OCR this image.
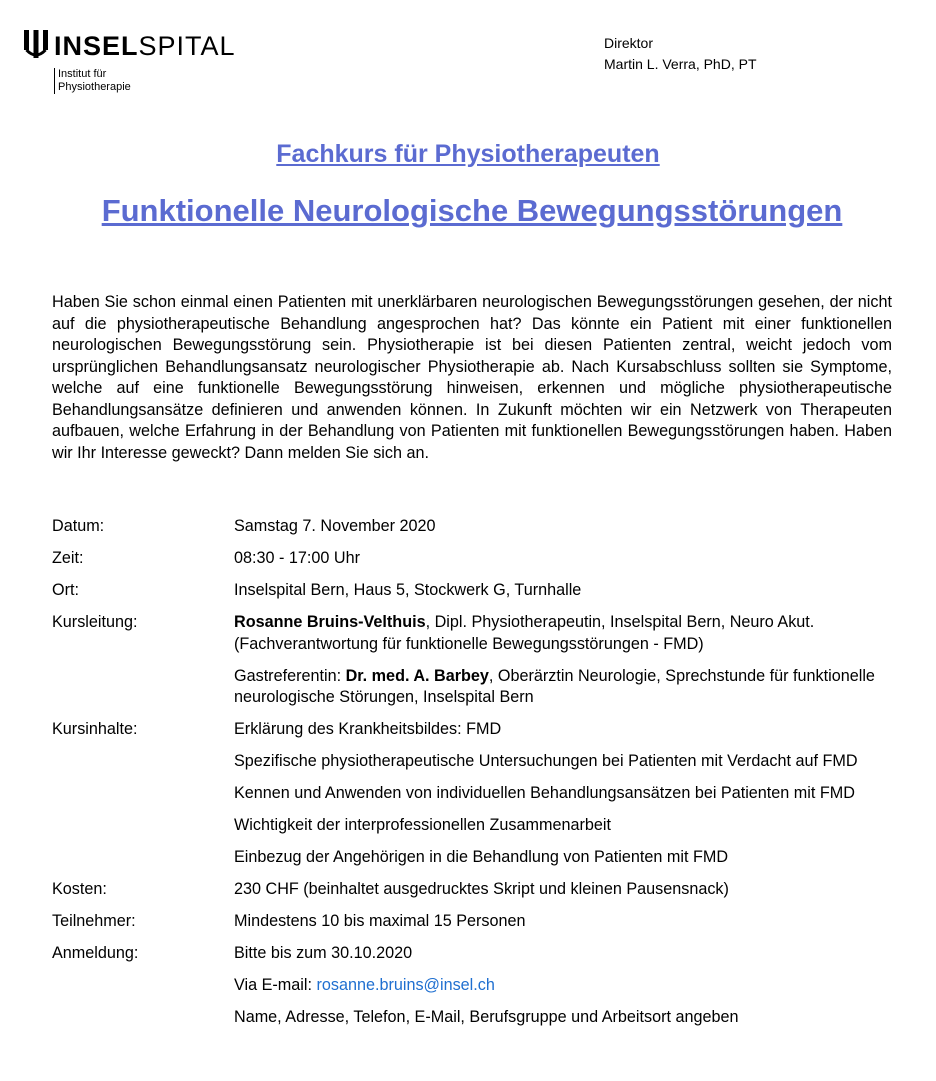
INSELSPITAL
Institut für
Physiotherapie
Direktor
Martin L. Verra, PhD, PT
Fachkurs für Physiotherapeuten
Funktionelle Neurologische Bewegungsstörungen

Haben Sie schon einmal einen Patienten mit unerklärbaren neurologischen Bewegungsstörungen gesehen, der nicht auf die physiotherapeutische Behandlung angesprochen hat? Das könnte ein Patient mit einer funktionellen neurologischen Bewegungsstörung sein. Physiotherapie ist bei diesen Patienten zentral, weicht jedoch vom ursprünglichen Behandlungsansatz neurologischer Physiotherapie ab. Nach Kursabschluss sollten sie Symptome, welche auf eine funktionelle Bewegungsstörung hinweisen, erkennen und mögliche physiotherapeutische Behandlungsansätze definieren und anwenden können. In Zukunft möchten wir ein Netzwerk von Therapeuten aufbauen, welche Erfahrung in der Behandlung von Patienten mit funktionellen Bewegungsstörungen haben. Haben wir Ihr Interesse geweckt? Dann melden Sie sich an.

Datum:	Samstag 7. November 2020

Zeit:	08:30 - 17:00 Uhr

Ort:	Inselspital Bern, Haus 5, Stockwerk G, Turnhalle

Kursleitung:	Rosanne Bruins-Velthuis, Dipl. Physiotherapeutin, Inselspital Bern, Neuro Akut. (Fachverantwortung für funktionelle Bewegungsstörungen - FMD)

Gastreferentin: Dr. med. A. Barbey, Oberärztin Neurologie, Sprechstunde für funktionelle neurologische Störungen, Inselspital Bern

Kursinhalte:	Erklärung des Krankheitsbildes: FMD

Spezifische physiotherapeutische Untersuchungen bei Patienten mit Verdacht auf FMD

Kennen und Anwenden von individuellen Behandlungsansätzen bei Patienten mit FMD

Wichtigkeit der interprofessionellen Zusammenarbeit

Einbezug der Angehörigen in die Behandlung von Patienten mit FMD

Kosten:	230 CHF (beinhaltet ausgedrucktes Skript und kleinen Pausensnack)

Teilnehmer:	Mindestens 10 bis maximal 15 Personen

Anmeldung:	Bitte bis zum 30.10.2020

Via E-mail: rosanne.bruins@insel.ch

Name, Adresse, Telefon, E-Mail, Berufsgruppe und Arbeitsort angeben
